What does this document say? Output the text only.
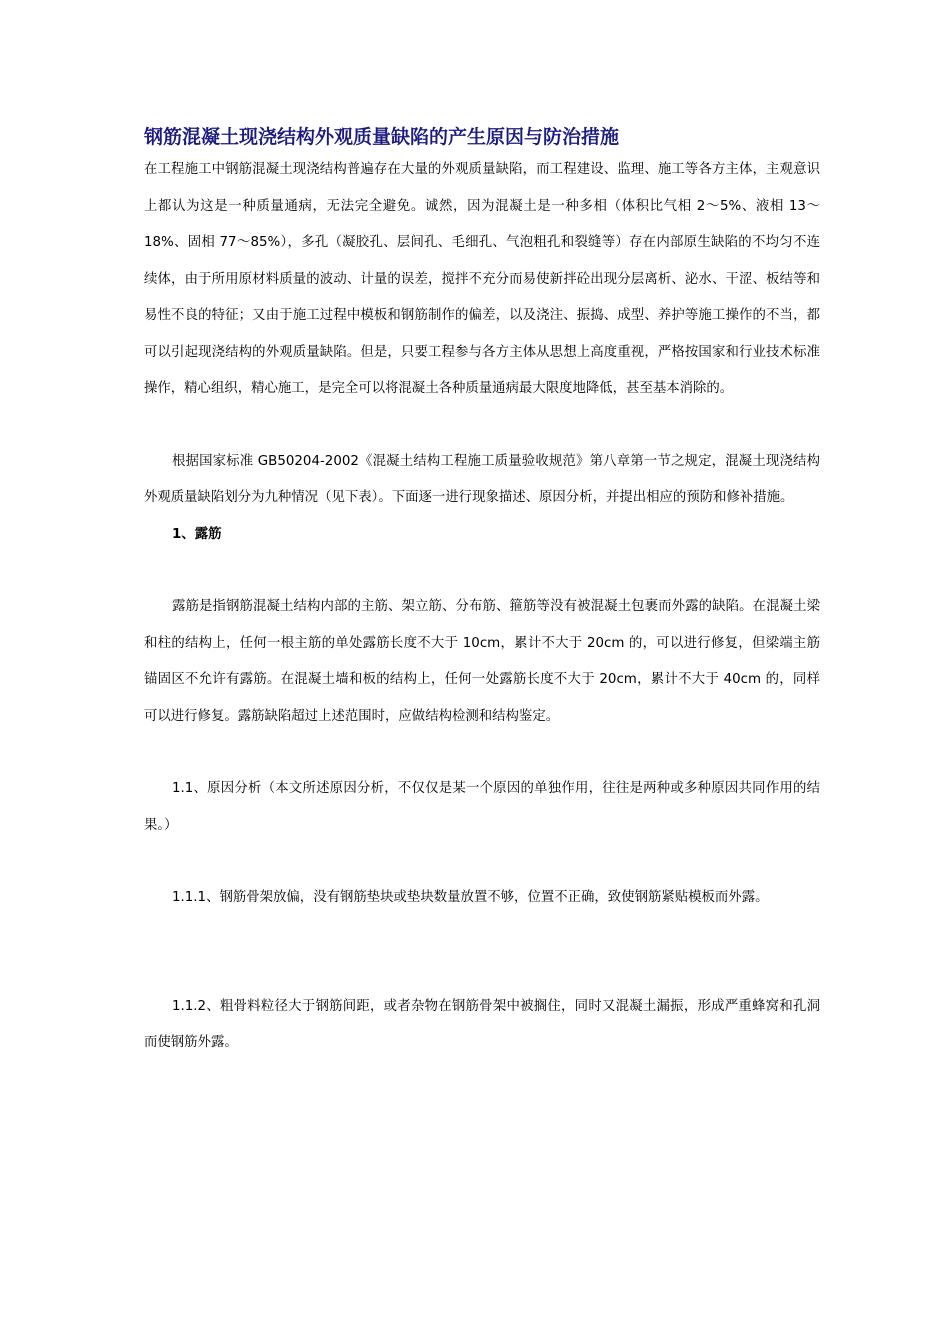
钢筋混凝土现浇结构外观质量缺陷的产生原因与防治措施

在工程施工中钢筋混凝土现浇结构普遍存在大量的外观质量缺陷，而工程建设、监理、施工等各方主体，主观意识上都认为这是一种质量通病，无法完全避免。诚然，因为混凝土是一种多相（体积比气相 2～5%、液相 13～18%、固相 77～85%），多孔（凝胶孔、层间孔、毛细孔、气泡粗孔和裂缝等）存在内部原生缺陷的不均匀不连续体，由于所用原材料质量的波动、计量的误差，搅拌不充分而易使新拌砼出现分层离析、泌水、干涩、板结等和易性不良的特征；又由于施工过程中模板和钢筋制作的偏差，以及浇注、振捣、成型、养护等施工操作的不当，都可以引起现浇结构的外观质量缺陷。但是，只要工程参与各方主体从思想上高度重视，严格按国家和行业技术标准操作，精心组织，精心施工，是完全可以将混凝土各种质量通病最大限度地降低，甚至基本消除的。

根据国家标准 GB50204-2002《混凝土结构工程施工质量验收规范》第八章第一节之规定，混凝土现浇结构外观质量缺陷划分为九种情况（见下表）。下面逐一进行现象描述、原因分析，并提出相应的预防和修补措施。

1、露筋

露筋是指钢筋混凝土结构内部的主筋、架立筋、分布筋、箍筋等没有被混凝土包裹而外露的缺陷。在混凝土梁和柱的结构上，任何一根主筋的单处露筋长度不大于 10cm，累计不大于 20cm 的，可以进行修复，但梁端主筋锚固区不允许有露筋。在混凝土墙和板的结构上，任何一处露筋长度不大于 20cm，累计不大于 40cm 的，同样可以进行修复。露筋缺陷超过上述范围时，应做结构检测和结构鉴定。

1.1、原因分析（本文所述原因分析，不仅仅是某一个原因的单独作用，往往是两种或多种原因共同作用的结果。）

1.1.1、钢筋骨架放偏，没有钢筋垫块或垫块数量放置不够，位置不正确，致使钢筋紧贴模板而外露。

1.1.2、粗骨料粒径大于钢筋间距，或者杂物在钢筋骨架中被搁住，同时又混凝土漏振，形成严重蜂窝和孔洞而使钢筋外露。
